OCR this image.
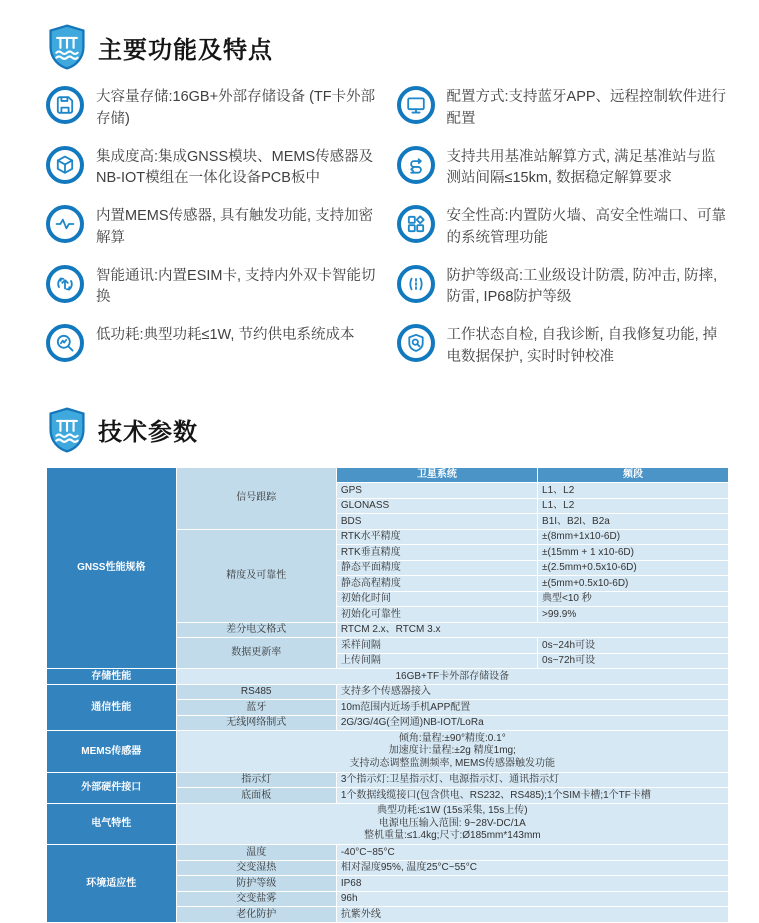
主要功能及特点

大容量存储:16GB+外部存储设备 (TF卡外部存储)

集成度高:集成GNSS模块、MEMS传感器及NB-IOT模组在一体化设备PCB板中

内置MEMS传感器, 具有触发功能, 支持加密解算

智能通讯:内置ESIM卡, 支持内外双卡智能切换

低功耗:典型功耗≤1W, 节约供电系统成本

配置方式:支持蓝牙APP、远程控制软件进行配置

支持共用基准站解算方式, 满足基准站与监测站间隔≤15km, 数据稳定解算要求

安全性高:内置防火墙、高安全性端口、可靠的系统管理功能

防护等级高:工业级设计防震, 防冲击, 防摔, 防雷, IP68防护等级

工作状态自检, 自我诊断, 自我修复功能, 掉电数据保护, 实时时钟校准

技术参数
GNSS性能规格	信号跟踪	卫星系统	频段
		GPS	L1、L2
		GLONASS	L1、L2
		BDS	B1I、B2I、B2a
	精度及可靠性	RTK水平精度	±(8mm+1x10-6D)
		RTK垂直精度	±(15mm + 1 x10-6D)
		静态平面精度	±(2.5mm+0.5x10-6D)
		静态高程精度	±(5mm+0.5x10-6D)
		初始化时间	典型<10 秒
		初始化可靠性	>99.9%
	差分电文格式	RTCM 2.x、RTCM 3.x	
	数据更新率	采样间隔	0s~24h可设
		上传间隔	0s~72h可设
存储性能	16GB+TF卡外部存储设备		
通信性能	RS485	支持多个传感器接入	
	蓝牙	10m范围内近场手机APP配置	
	无线网络制式	2G/3G/4G(全网通)NB-IOT/LoRa	
MEMS传感器	倾角:量程:±90°精度:0.1°
加速度计:量程:±2g 精度1mg;
支持动态调整监测频率, MEMS传感器触发功能		

外部硬件接口	指示灯	3个指示灯:卫星指示灯、电源指示灯、通讯指示灯	
	底面板	1个数据线缆接口(包含供电、RS232、RS485);1个SIM卡槽;1个TF卡槽	
电气特性	典型功耗:≤1W (15s采集, 15s上传)
电源电压输入范围: 9~28V-DC/1A
整机重量:≤1.4kg;尺寸:Ø185mm*143mm		

环境适应性	温度	-40°C~85°C	
	交变湿热	相对湿度95%, 温度25°C~55°C	
	防护等级	IP68	
	交变盐雾	96h	
	老化防护	抗紫外线	
